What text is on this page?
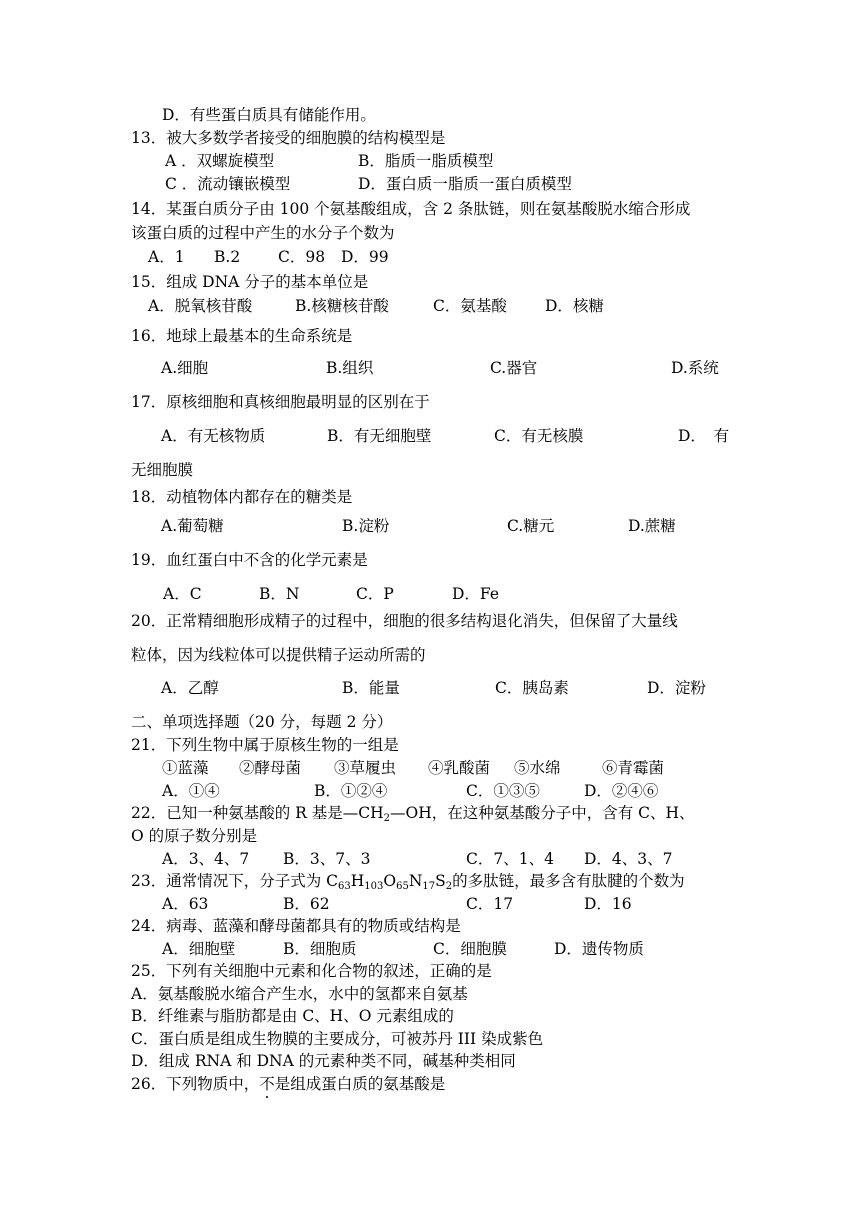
D．有些蛋白质具有储能作用。
13．被大多数学者接受的细胞膜的结构模型是
A ．双螺旋模型	B．脂质一脂质模型
C ．流动镶嵌模型	D．蛋白质一脂质一蛋白质模型
14．某蛋白质分子由 100 个氨基酸组成，含 2 条肽链，则在氨基酸脱水缩合形成
该蛋白质的过程中产生的水分子个数为
A．1 B.2 C．98 D．99
15．组成 DNA 分子的基本单位是
A．脱氧核苷酸	B.核糖核苷酸	C．氨基酸 D．核糖
16．地球上最基本的生命系统是
A.细胞	B.组织	C.器官	D.系统
17．原核细胞和真核细胞最明显的区别在于
A．有无核物质	B．有无细胞壁	C．有无核膜	D．　有
无细胞膜
18．动植物体内都存在的糖类是
A.葡萄糖	B.淀粉	C.糖元	D.蔗糖
19．血红蛋白中不含的化学元素是
A．C	B．N	C．P	D．Fe
20．正常精细胞形成精子的过程中，细胞的很多结构退化消失，但保留了大量线
粒体，因为线粒体可以提供精子运动所需的
A．乙醇	B．能量	C．胰岛素	D．淀粉
二、单项选择题（20 分，每题 2 分）
21．下列生物中属于原核生物的一组是
①蓝藻 ②酵母菌 ③草履虫 ④乳酸菌 ⑤水绵	⑥青霉菌
A．①④	B．①②④	C．①③⑤	D．②④⑥
22．已知一种氨基酸的 R 基是$—CH_2—OH$，在这种氨基酸分子中，含有 C、H、
O 的原子数分别是
A．3、4、7 B．3、7、3	C．7、1、4 D．4、3、7
23．通常情况下，分子式为 $C_{63}H_{103}O_{65}N_{17}S_2$的多肽链，最多含有肽腱的个数为
A．63	B．62	C．17	D．16
24．病毒、蓝藻和酵母菌都具有的物质或结构是
A．细胞壁	B．细胞质	C．细胞膜	D．遗传物质
25．下列有关细胞中元素和化合物的叙述，正确的是
A．氨基酸脱水缩合产生水，水中的氢都来自氨基
B．纤维素与脂肪都是由 C、H、O 元素组成的
C．蛋白质是组成生物膜的主要成分，可被苏丹 III 染成紫色
D．组成 RNA 和 DNA 的元素种类不同，碱基种类相同
26．下列物质中，不是组成蛋白质的氨基酸是
